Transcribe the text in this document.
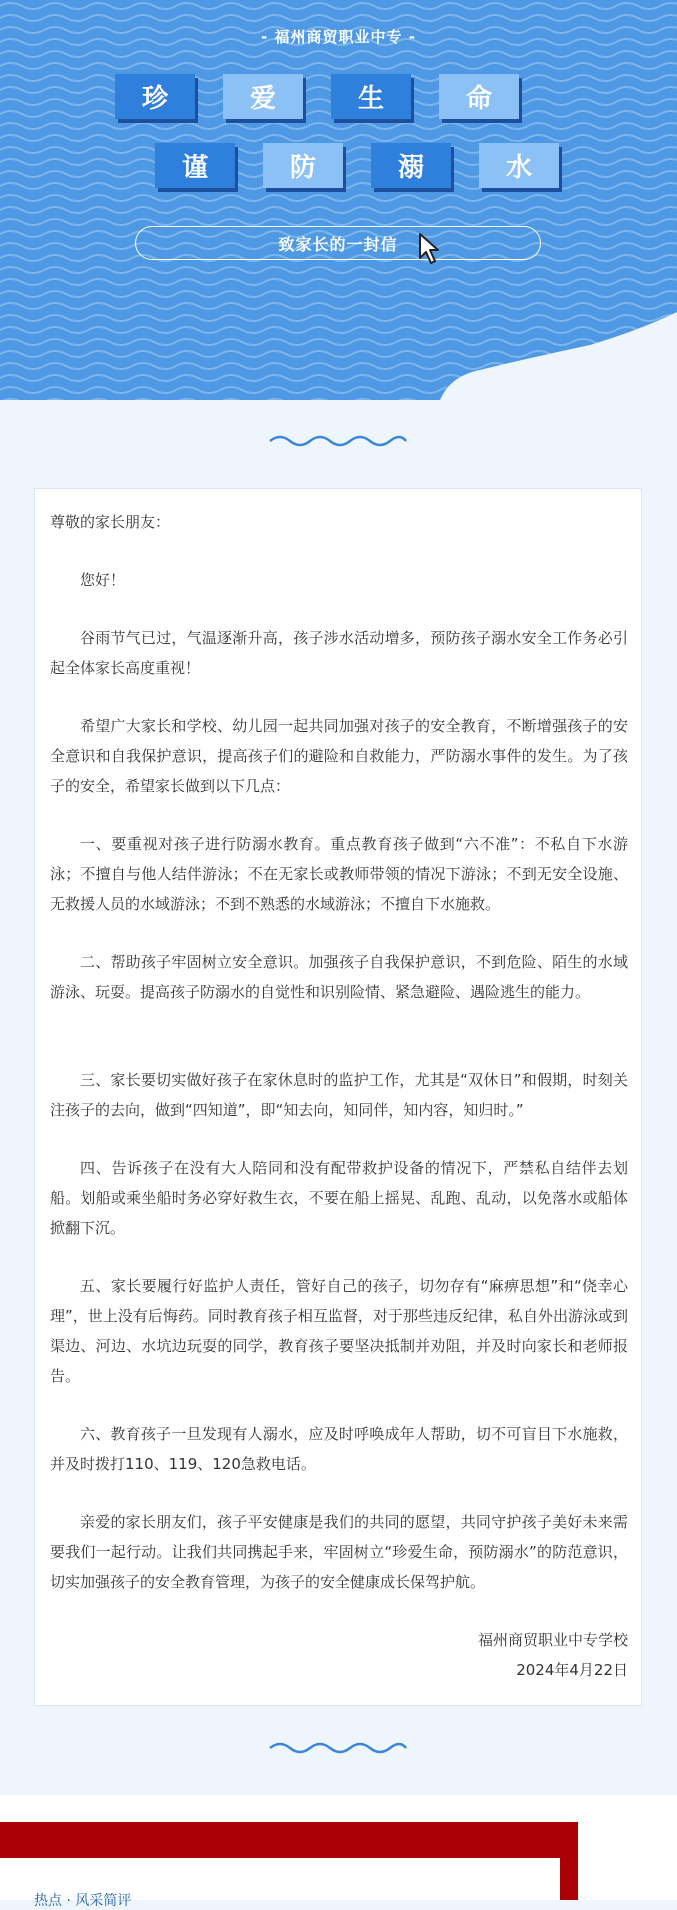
- 福州商贸职业中专 -
珍	爱	生	命
谨	防	溺	水
致家长的一封信

尊敬的家长朋友：

您好！

谷雨节气已过，气温逐渐升高，孩子涉水活动增多，预防孩子溺水安全工作务必引起全体家长高度重视！

希望广大家长和学校、幼儿园一起共同加强对孩子的安全教育，不断增强孩子的安全意识和自我保护意识，提高孩子们的避险和自救能力，严防溺水事件的发生。为了孩子的安全，希望家长做到以下几点：

一、要重视对孩子进行防溺水教育。重点教育孩子做到“六不准”：不私自下水游泳；不擅自与他人结伴游泳；不在无家长或教师带领的情况下游泳；不到无安全设施、无救援人员的水域游泳；不到不熟悉的水域游泳；不擅自下水施救。

二、帮助孩子牢固树立安全意识。加强孩子自我保护意识，不到危险、陌生的水域游泳、玩耍。提高孩子防溺水的自觉性和识别险情、紧急避险、遇险逃生的能力。

三、家长要切实做好孩子在家休息时的监护工作，尤其是“双休日”和假期，时刻关注孩子的去向，做到“四知道”，即“知去向，知同伴，知内容，知归时。”

四、告诉孩子在没有大人陪同和没有配带救护设备的情况下，严禁私自结伴去划船。划船或乘坐船时务必穿好救生衣，不要在船上摇晃、乱跑、乱动，以免落水或船体掀翻下沉。

五、家长要履行好监护人责任，管好自己的孩子，切勿存有“麻痹思想”和“侥幸心理”，世上没有后悔药。同时教育孩子相互监督，对于那些违反纪律，私自外出游泳或到渠边、河边、水坑边玩耍的同学，教育孩子要坚决抵制并劝阻，并及时向家长和老师报告。

六、教育孩子一旦发现有人溺水，应及时呼唤成年人帮助，切不可盲目下水施救，并及时拨打110、119、120急救电话。

亲爱的家长朋友们，孩子平安健康是我们的共同的愿望，共同守护孩子美好未来需要我们一起行动。让我们共同携起手来，牢固树立“珍爱生命，预防溺水”的防范意识，切实加强孩子的安全教育管理，为孩子的安全健康成长保驾护航。

福州商贸职业中专学校

2024年4月22日

热点 · 风采简评
